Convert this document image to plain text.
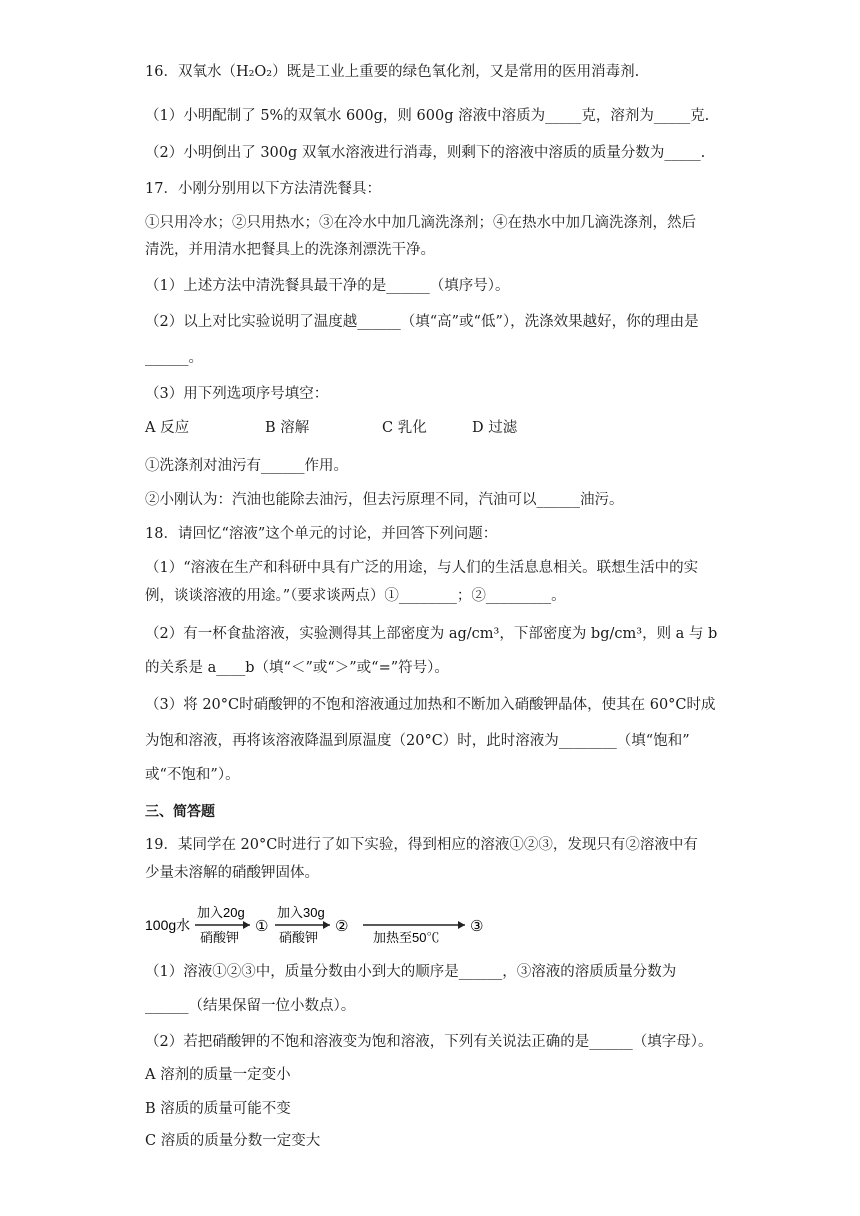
16．双氧水（H₂O₂）既是工业上重要的绿色氧化剂，又是常用的医用消毒剂.
（1）小明配制了 5%的双氧水 600g，则 600g 溶液中溶质为_____克，溶剂为_____克.
（2）小明倒出了 300g 双氧水溶液进行消毒，则剩下的溶液中溶质的质量分数为_____.
17．小刚分别用以下方法清洗餐具：
①只用冷水；②只用热水；③在冷水中加几滴洗涤剂；④在热水中加几滴洗涤剂，然后
清洗，并用清水把餐具上的洗涤剂漂洗干净。
（1）上述方法中清洗餐具最干净的是______（填序号）。
（2）以上对比实验说明了温度越______（填“高”或“低”），洗涤效果越好，你的理由是
______。
（3）用下列选项序号填空：
A 反应	B 溶解	C 乳化	D 过滤
①洗涤剂对油污有______作用。
②小刚认为：汽油也能除去油污，但去污原理不同，汽油可以______油污。
18．请回忆“溶液”这个单元的讨论，并回答下列问题：
（1）“溶液在生产和科研中具有广泛的用途，与人们的生活息息相关。联想生活中的实
例，谈谈溶液的用途。”（要求谈两点）①________；②_________。
（2）有一杯食盐溶液，实验测得其上部密度为 ag/cm³，下部密度为 bg/cm³，则 a 与 b
的关系是 a____b（填“＜”或“＞”或“=”符号）。
（3）将 20°C时硝酸钾的不饱和溶液通过加热和不断加入硝酸钾晶体，使其在 60°C时成
为饱和溶液，再将该溶液降温到原温度（20°C）时，此时溶液为________（填“饱和”
或“不饱和”）。
三、简答题
19．某同学在 20°C时进行了如下实验，得到相应的溶液①②③，发现只有②溶液中有
少量未溶解的硝酸钾固体。
100g水
加入20g
硝酸钾
①
加入30g
硝酸钾
②
加热至50℃
③
（1）溶液①②③中，质量分数由小到大的顺序是______，③溶液的溶质质量分数为
______（结果保留一位小数点）。
（2）若把硝酸钾的不饱和溶液变为饱和溶液，下列有关说法正确的是______（填字母）。
A 溶剂的质量一定变小
B 溶质的质量可能不变
C 溶质的质量分数一定变大
